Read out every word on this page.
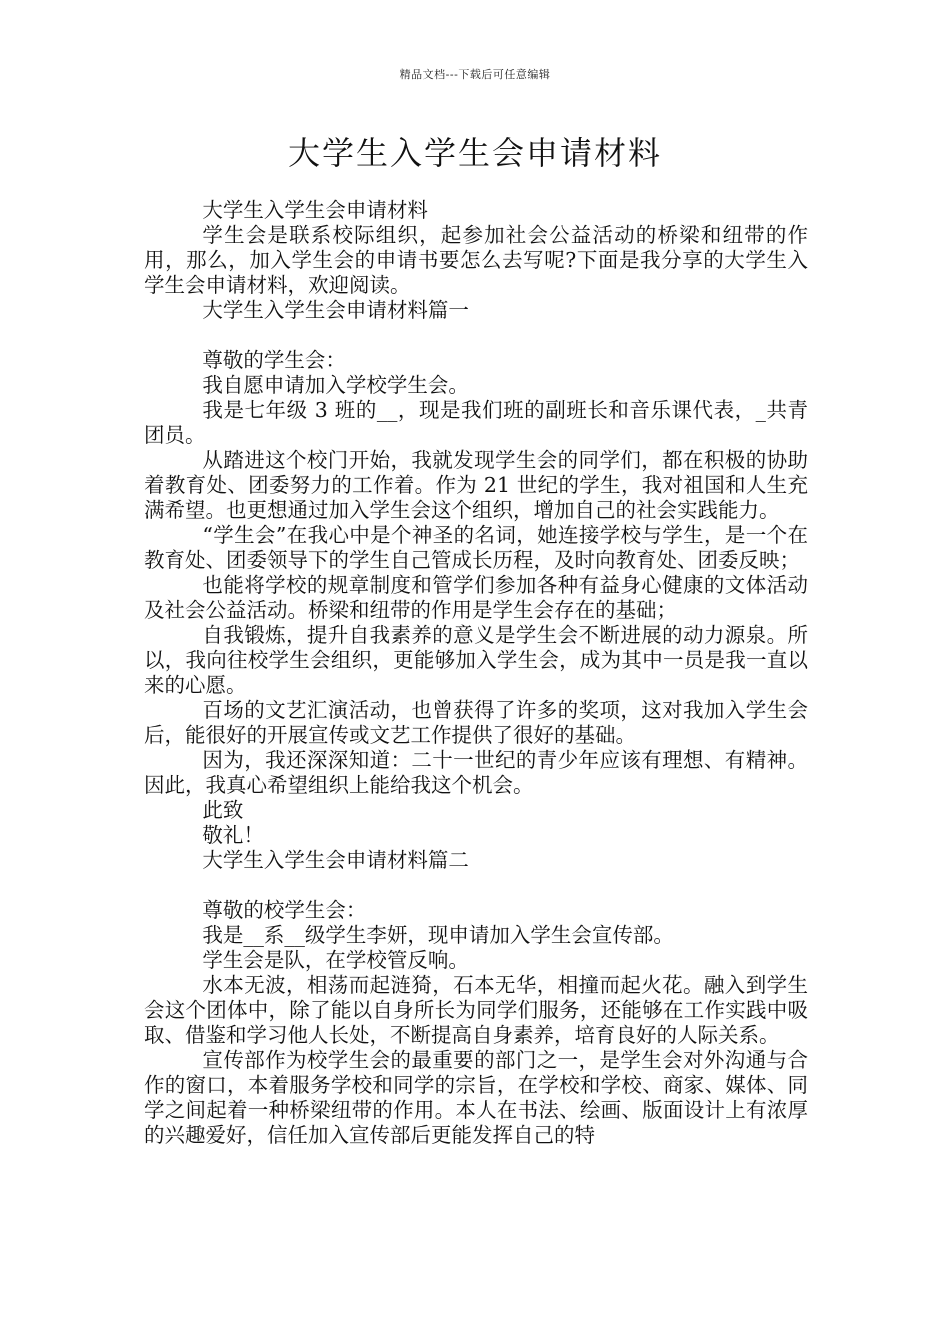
精品文档---下载后可任意编辑
大学生入学生会申请材料

大学生入学生会申请材料

学生会是联系校际组织，起参加社会公益活动的桥梁和纽带的作用，那么，加入学生会的申请书要怎么去写呢?下面是我分享的大学生入学生会申请材料，欢迎阅读。

大学生入学生会申请材料篇一

尊敬的学生会：

我自愿申请加入学校学生会。

我是七年级 3 班的__，现是我们班的副班长和音乐课代表，_共青团员。

从踏进这个校门开始，我就发现学生会的同学们，都在积极的协助着教育处、团委努力的工作着。作为 21 世纪的学生，我对祖国和人生充满希望。也更想通过加入学生会这个组织，增加自己的社会实践能力。

“学生会”在我心中是个神圣的名词，她连接学校与学生，是一个在教育处、团委领导下的学生自己管成长历程，及时向教育处、团委反映；

也能将学校的规章制度和管学们参加各种有益身心健康的文体活动及社会公益活动。桥梁和纽带的作用是学生会存在的基础；

自我锻炼，提升自我素养的意义是学生会不断进展的动力源泉。所以，我向往校学生会组织，更能够加入学生会，成为其中一员是我一直以来的心愿。

百场的文艺汇演活动，也曾获得了许多的奖项，这对我加入学生会后，能很好的开展宣传或文艺工作提供了很好的基础。

因为，我还深深知道：二十一世纪的青少年应该有理想、有精神。因此，我真心希望组织上能给我这个机会。

此致

敬礼！

大学生入学生会申请材料篇二

尊敬的校学生会：

我是__系__级学生李妍，现申请加入学生会宣传部。

学生会是队，在学校管反响。

水本无波，相荡而起涟猗，石本无华，相撞而起火花。融入到学生会这个团体中，除了能以自身所长为同学们服务，还能够在工作实践中吸取、借鉴和学习他人长处，不断提高自身素养，培育良好的人际关系。

宣传部作为校学生会的最重要的部门之一，是学生会对外沟通与合作的窗口，本着服务学校和同学的宗旨，在学校和学校、商家、媒体、同学之间起着一种桥梁纽带的作用。本人在书法、绘画、版面设计上有浓厚的兴趣爱好，信任加入宣传部后更能发挥自己的特
